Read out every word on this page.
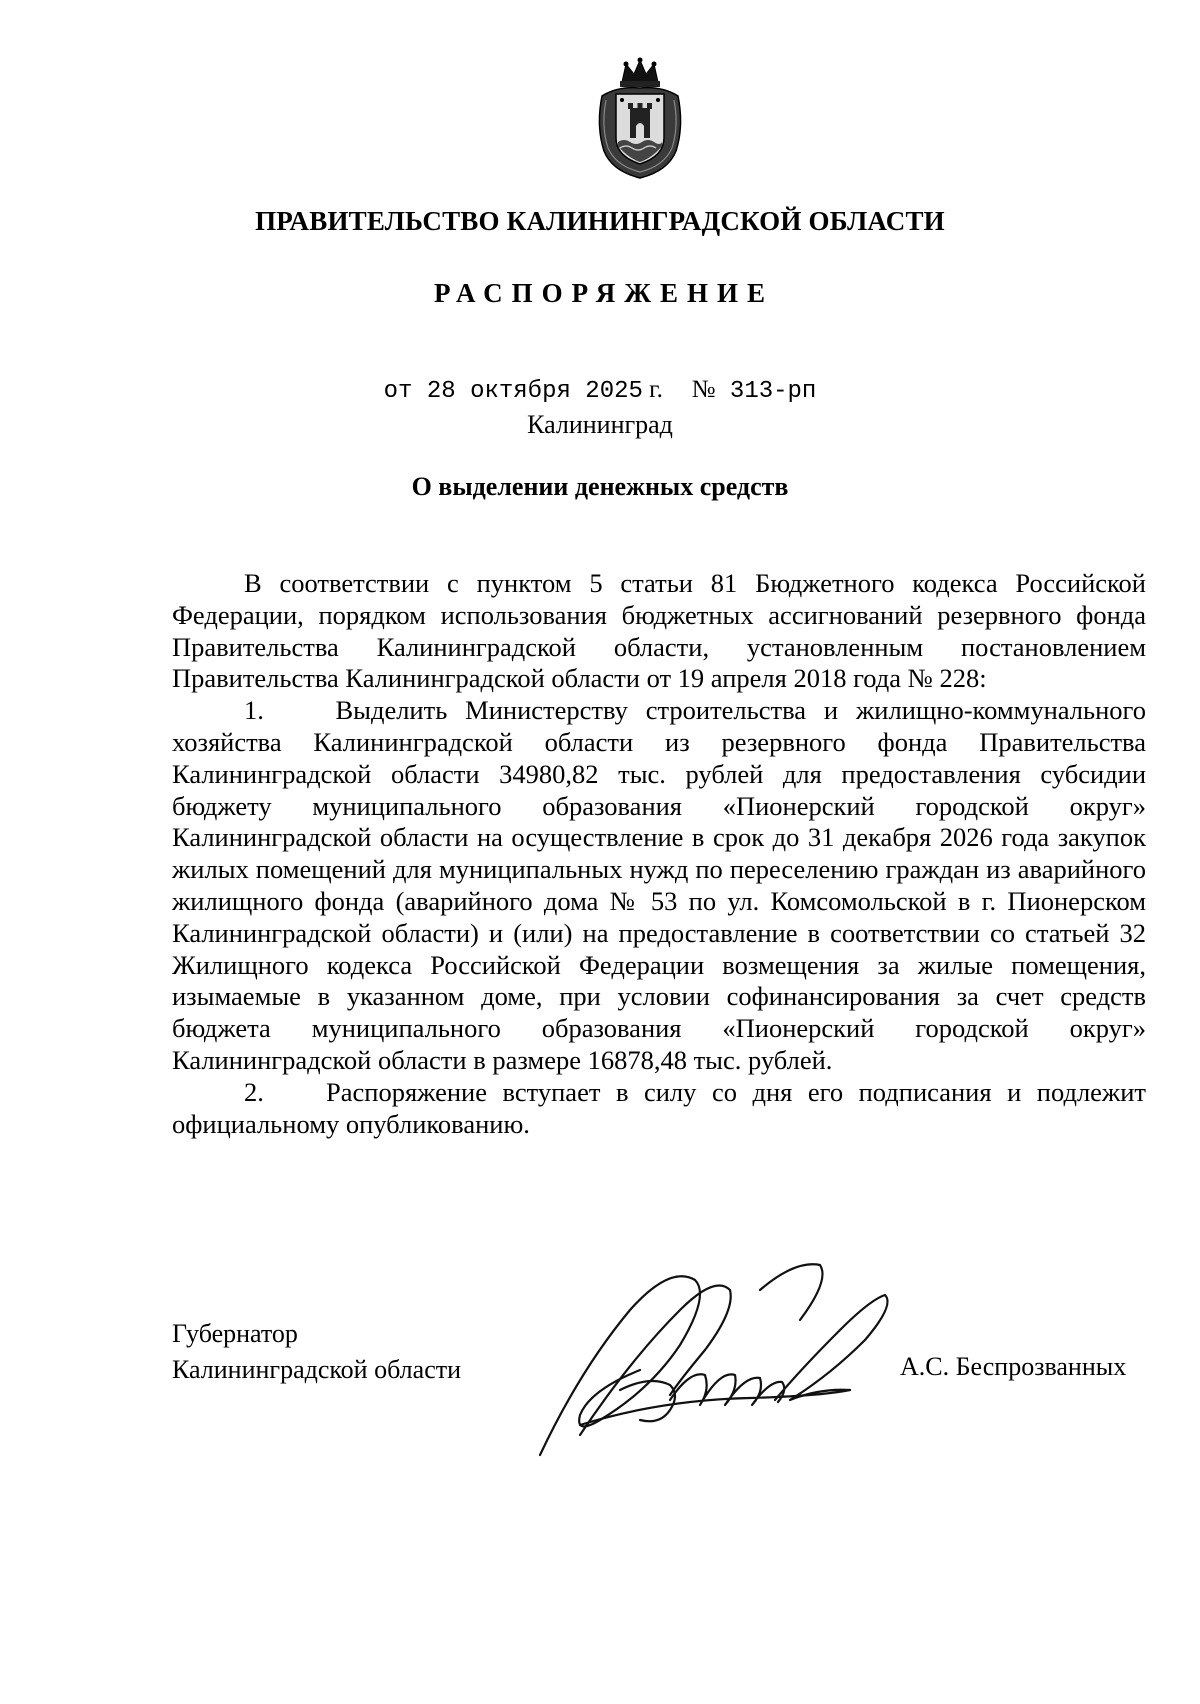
ПРАВИТЕЛЬСТВО КАЛИНИНГРАДСКОЙ ОБЛАСТИ
РАСПОРЯЖЕНИЕ
от 28 октября 2025 г. № 313-рп
Калининград
О выделении денежных средств

В соответствии с пунктом 5 статьи 81 Бюджетного кодекса Российской Федерации, порядком использования бюджетных ассигнований резервного фонда Правительства Калининградской области, установленным постановлением Правительства Калининградской области от 19 апреля 2018 года № 228:

1.	Выделить Министерству строительства и жилищно-коммунального хозяйства Калининградской области из резервного фонда Правительства Калининградской области 34980,82 тыс. рублей для предоставления субсидии бюджету муниципального образования «Пионерский городской округ» Калининградской области на осуществление в срок до 31 декабря 2026 года закупок жилых помещений для муниципальных нужд по переселению граждан из аварийного жилищного фонда (аварийного дома № 53 по ул. Комсомольской в г. Пионерском Калининградской области) и (или) на предоставление в соответствии со статьей 32 Жилищного кодекса Российской Федерации возмещения за жилые помещения, изымаемые в указанном доме, при условии софинансирования за счет средств бюджета муниципального образования «Пионерский городской округ» Калининградской области в размере 16878,48 тыс. рублей.

2. Распоряжение вступает в силу со дня его подписания и подлежит официальному опубликованию.

Губернатор
Калининградской области	А.С. Беспрозванных
